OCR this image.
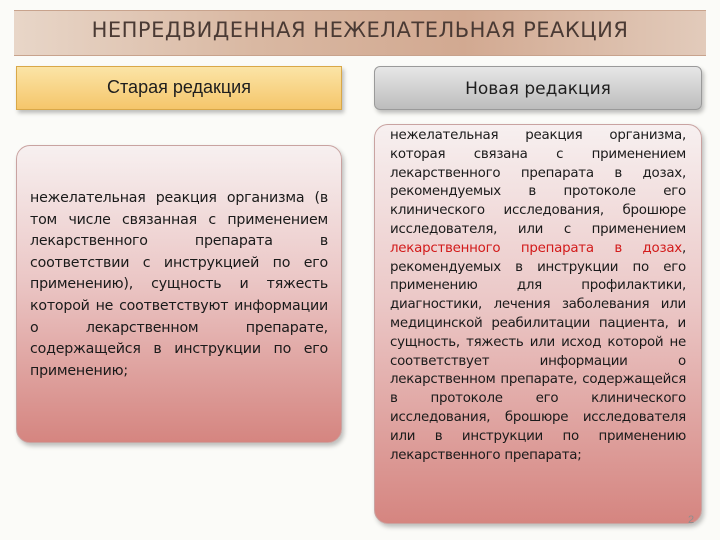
НЕПРЕДВИДЕННАЯ НЕЖЕЛАТЕЛЬНАЯ РЕАКЦИЯ
Старая редакция	Новая редакция
нежелательная реакция организма (в том числе связанная с применением лекарственного препарата в соответствии с инструкцией по его применению), сущность и тяжесть которой не соответствуют информации о лекарственном препарате, содержащейся в инструкции по его применению;
нежелательная реакция организма, которая связана с применением лекарственного препарата в дозах, рекомендуемых в протоколе его клинического исследования, брошюре исследователя, или с применением лекарственного препарата в дозах, рекомендуемых в инструкции по его применению для профилактики, диагностики, лечения заболевания или медицинской реабилитации пациента, и сущность, тяжесть или исход которой не соответствует информации о лекарственном препарате, содержащейся в протоколе его клинического исследования, брошюре исследователя или в инструкции по применению лекарственного препарата;
2
